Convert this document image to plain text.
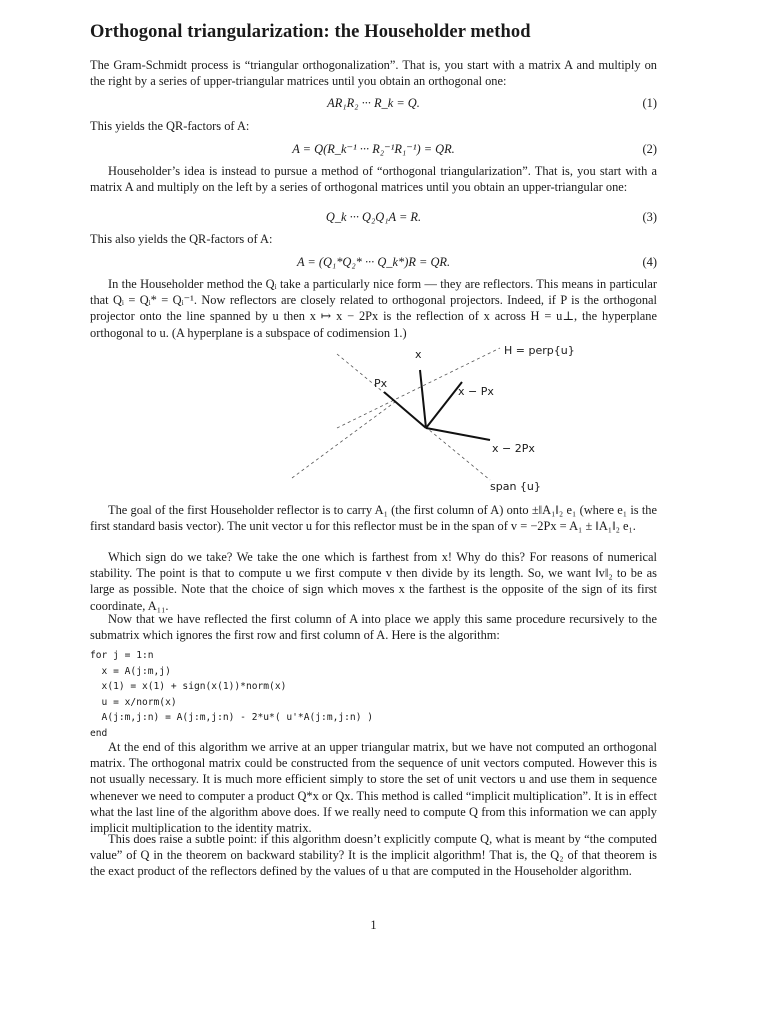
Orthogonal triangularization: the Householder method

The Gram-Schmidt process is “triangular orthogonalization”. That is, you start with a matrix A and multiply on the right by a series of upper-triangular matrices until you obtain an orthogonal one:

AR₁R₂ ··· R_k = Q.	(1)

This yields the QR-factors of A:

A = Q(R_k⁻¹ ··· R₂⁻¹R₁⁻¹) = QR.	(2)

Householder’s idea is instead to pursue a method of “orthogonal triangularization”. That is, you start with a matrix A and multiply on the left by a series of orthogonal matrices until you obtain an upper-triangular one:

Q_k ··· Q₂Q₁A = R.	(3)

This also yields the QR-factors of A:

A = (Q₁*Q₂* ··· Q_k*)R = QR.	(4)

In the Householder method the Qᵢ take a particularly nice form — they are reflectors. This means in particular that Qᵢ = Qᵢ* = Qᵢ⁻¹. Now reflectors are closely related to orthogonal projectors. Indeed, if P is the orthogonal projector onto the line spanned by u then x ↦ x − 2Px is the reflection of x across H = u⊥, the hyperplane orthogonal to u. (A hyperplane is a subspace of codimension 1.)

x	H = perp{u}
Px
x − Px
x − 2Px
span {u}

The goal of the first Householder reflector is to carry A₁ (the first column of A) onto ±‖A₁‖₂ e₁ (where e₁ is the first standard basis vector). The unit vector u for this reflector must be in the span of v = −2Px = A₁ ± ‖A₁‖₂ e₁.

Which sign do we take? We take the one which is farthest from x! Why do this? For reasons of numerical stability. The point is that to compute u we first compute v then divide by its length. So, we want ‖v‖₂ to be as large as possible. Note that the choice of sign which moves x the farthest is the opposite of the sign of its first coordinate, A₁₁.

Now that we have reflected the first column of A into place we apply this same procedure recursively to the submatrix which ignores the first row and first column of A. Here is the algorithm:

for j = 1:n
x = A(j:m,j)
x(1) = x(1) + sign(x(1))*norm(x)
u = x/norm(x)
A(j:m,j:n) = A(j:m,j:n) - 2*u*( u'*A(j:m,j:n) )
end

At the end of this algorithm we arrive at an upper triangular matrix, but we have not computed an orthogonal matrix. The orthogonal matrix could be constructed from the sequence of unit vectors computed. However this is not usually necessary. It is much more efficient simply to store the set of unit vectors u and use them in sequence whenever we need to computer a product Q*x or Qx. This method is called “implicit multiplication”. It is in effect what the last line of the algorithm above does. If we really need to compute Q from this information we can apply implicit multiplication to the identity matrix.

This does raise a subtle point: if this algorithm doesn’t explicitly compute Q, what is meant by “the computed value” of Q in the theorem on backward stability? It is the implicit algorithm! That is, the Q₂ of that theorem is the exact product of the reflectors defined by the values of u that are computed in the Householder algorithm.

1
